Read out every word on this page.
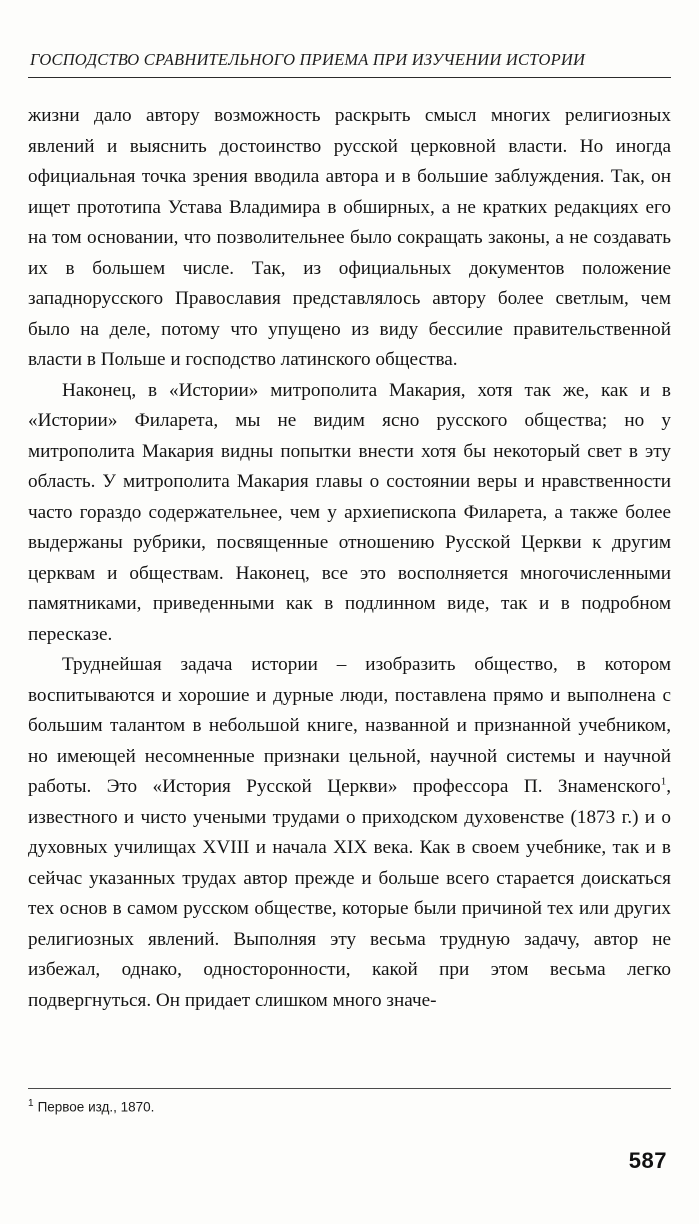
ГОСПОДСТВО СРАВНИТЕЛЬНОГО ПРИЕМА ПРИ ИЗУЧЕНИИ ИСТОРИИ

жизни дало автору возможность раскрыть смысл многих религиозных явлений и выяснить достоинство русской церковной власти. Но иногда официальная точка зрения вводила автора и в большие заблуждения. Так, он ищет прототипа Устава Владимира в обширных, а не кратких редакциях его на том основании, что позволительнее было сокращать законы, а не создавать их в большем числе. Так, из официальных документов положение западнорусского Православия представлялось автору более светлым, чем было на деле, потому что упущено из виду бессилие правительственной власти в Польше и господство латинского общества.

Наконец, в «Истории» митрополита Макария, хотя так же, как и в «Истории» Филарета, мы не видим ясно русского общества; но у митрополита Макария видны попытки внести хотя бы некоторый свет в эту область. У митрополита Макария главы о состоянии веры и нравственности часто гораздо содержательнее, чем у архиепископа Филарета, а также более выдержаны рубрики, посвященные отношению Русской Церкви к другим церквам и обществам. Наконец, все это восполняется многочисленными памятниками, приведенными как в подлинном виде, так и в подробном пересказе.

Труднейшая задача истории – изобразить общество, в котором воспитываются и хорошие и дурные люди, поставлена прямо и выполнена с большим талантом в небольшой книге, названной и признанной учебником, но имеющей несомненные признаки цельной, научной системы и научной работы. Это «История Русской Церкви» профессора П. Знаменского$^1$, известного и чисто учеными трудами о приходском духовенстве (1873 г.) и о духовных училищах XVIII и начала XIX века. Как в своем учебнике, так и в сейчас указанных трудах автор прежде и больше всего старается доискаться тех основ в самом русском обществе, которые были причиной тех или других религиозных явлений. Выполняя эту весьма трудную задачу, автор не избежал, однако, односторонности, какой при этом весьма легко подвергнуться. Он придает слишком много значе-

$^1$ Первое изд., 1870.
587
